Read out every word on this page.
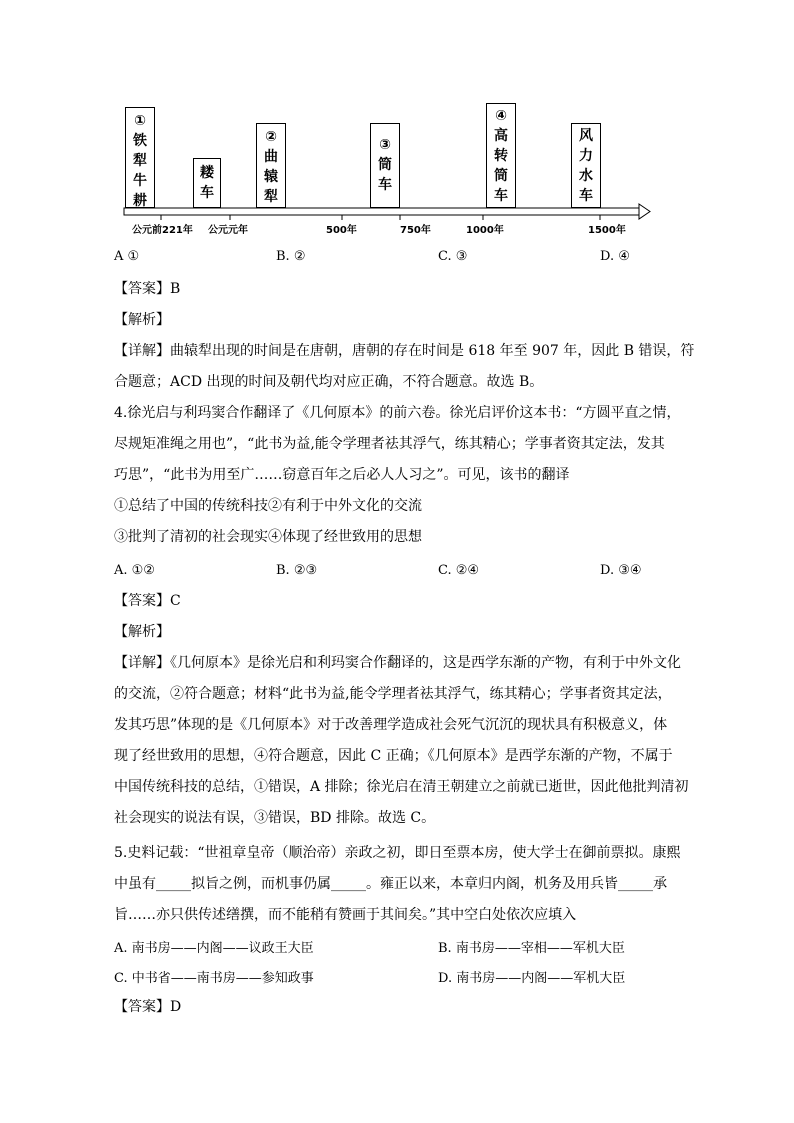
①
铁
犁
牛
耕
耧
车
②
曲
辕
犁
③
筒
车
④
高
转
筒
车
风
力
水
车
公元前221年 公元元年	500年	750年	1000年	1500年
A ①	B. ②	C. ③	D. ④
【答案】B
【解析】
【详解】曲辕犁出现的时间是在唐朝，唐朝的存在时间是 618 年至 907 年，因此 B 错误，符
合题意；ACD 出现的时间及朝代均对应正确，不符合题意。故选 B。
4.徐光启与利玛窦合作翻译了《几何原本》的前六卷。徐光启评价这本书：“方圆平直之情，
尽规矩准绳之用也”，“此书为益,能令学理者祛其浮气，练其精心；学事者资其定法，发其
巧思”，“此书为用至广……窃意百年之后必人人习之”。可见，该书的翻译
①总结了中国的传统科技②有利于中外文化的交流
③批判了清初的社会现实④体现了经世致用的思想
A. ①②	B. ②③	C. ②④	D. ③④
【答案】C
【解析】
【详解】《几何原本》是徐光启和利玛窦合作翻译的，这是西学东渐的产物，有利于中外文化
的交流，②符合题意；材料“此书为益,能令学理者祛其浮气，练其精心；学事者资其定法，
发其巧思”体现的是《几何原本》对于改善理学造成社会死气沉沉的现状具有积极意义，体
现了经世致用的思想，④符合题意，因此 C 正确；《几何原本》是西学东渐的产物，不属于
中国传统科技的总结，①错误，A 排除；徐光启在清王朝建立之前就已逝世，因此他批判清初
社会现实的说法有误，③错误，BD 排除。故选 C。
5.史料记载：“世祖章皇帝（顺治帝）亲政之初，即日至票本房，使大学士在御前票拟。康熙
中虽有_____拟旨之例，而机事仍属_____。雍正以来，本章归内阁，机务及用兵皆_____承
旨……亦只供传述缮撰，而不能稍有赞画于其间矣。”其中空白处依次应填入
A. 南书房——内阁——议政王大臣	B. 南书房——宰相——军机大臣
C. 中书省——南书房——参知政事	D. 南书房——内阁——军机大臣
【答案】D
